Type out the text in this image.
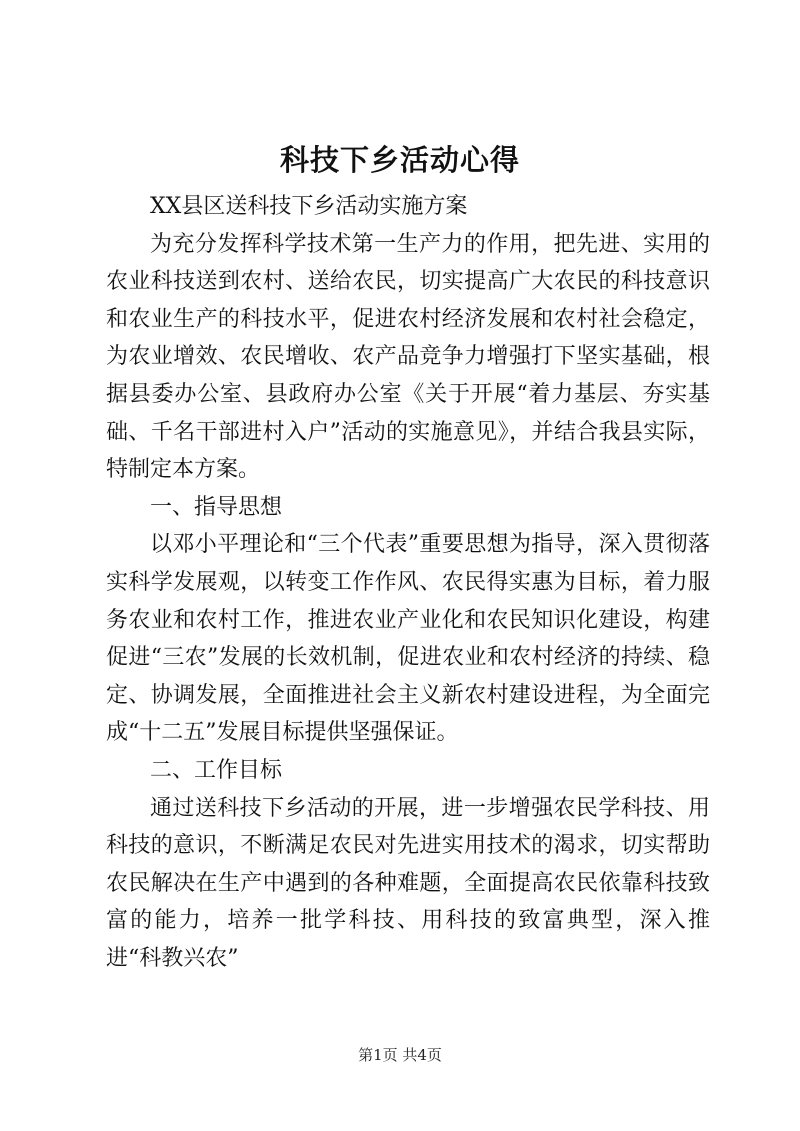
科技下乡活动心得

XX县区送科技下乡活动实施方案

为充分发挥科学技术第一生产力的作用，把先进、实用的农业科技送到农村、送给农民，切实提高广大农民的科技意识和农业生产的科技水平，促进农村经济发展和农村社会稳定，为农业增效、农民增收、农产品竞争力增强打下坚实基础，根据县委办公室、县政府办公室《关于开展“着力基层、夯实基础、千名干部进村入户”活动的实施意见》，并结合我县实际，特制定本方案。

一、指导思想

以邓小平理论和“三个代表”重要思想为指导，深入贯彻落实科学发展观，以转变工作作风、农民得实惠为目标，着力服务农业和农村工作，推进农业产业化和农民知识化建设，构建促进“三农”发展的长效机制，促进农业和农村经济的持续、稳定、协调发展，全面推进社会主义新农村建设进程，为全面完成“十二五”发展目标提供坚强保证。

二、工作目标

通过送科技下乡活动的开展，进一步增强农民学科技、用科技的意识，不断满足农民对先进实用技术的渴求，切实帮助农民解决在生产中遇到的各种难题，全面提高农民依靠科技致富的能力，培养一批学科技、用科技的致富典型，深入推进“科教兴农”

第1页 共4页
